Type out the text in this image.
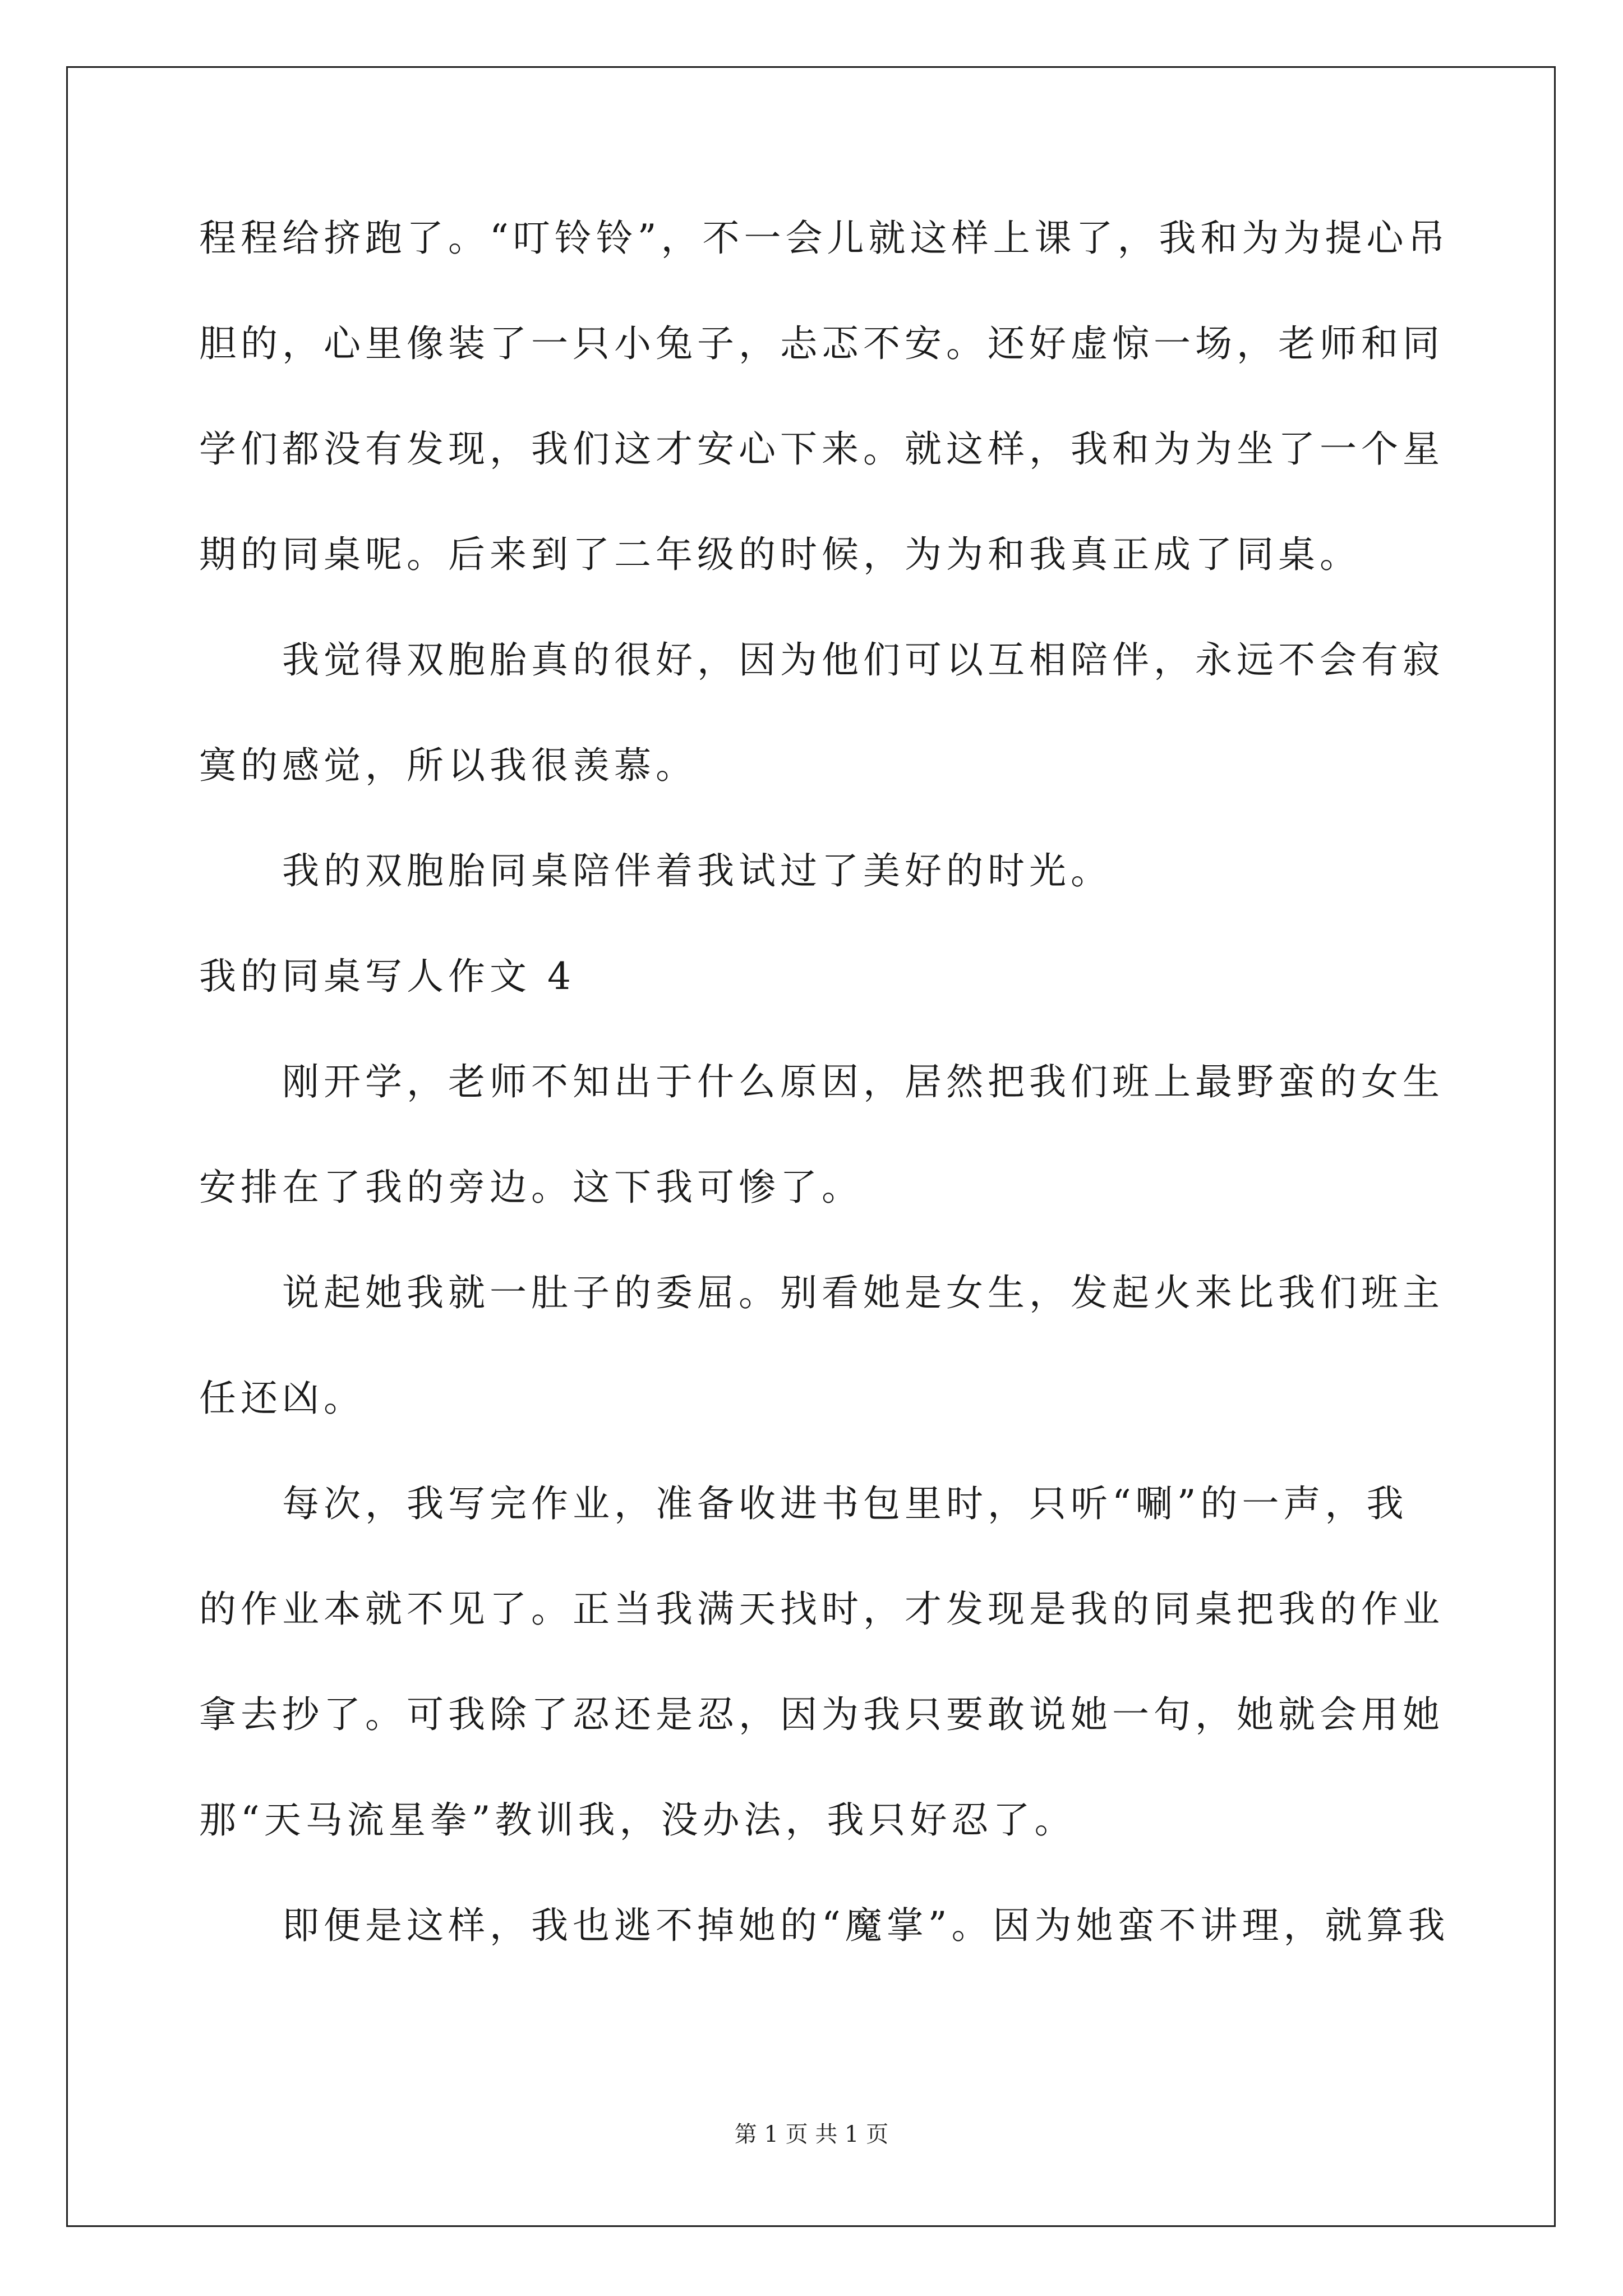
程程给挤跑了。“叮铃铃”，不一会儿就这样上课了，我和为为提心吊
胆的，心里像装了一只小兔子，忐忑不安。还好虚惊一场，老师和同
学们都没有发现，我们这才安心下来。就这样，我和为为坐了一个星
期的同桌呢。后来到了二年级的时候，为为和我真正成了同桌。
我觉得双胞胎真的很好，因为他们可以互相陪伴，永远不会有寂
寞的感觉，所以我很羡慕。
我的双胞胎同桌陪伴着我试过了美好的时光。
我的同桌写人作文 4
刚开学，老师不知出于什么原因，居然把我们班上最野蛮的女生
安排在了我的旁边。这下我可惨了。
说起她我就一肚子的委屈。别看她是女生，发起火来比我们班主
任还凶。
每次，我写完作业，准备收进书包里时，只听“唰”的一声，我
的作业本就不见了。正当我满天找时，才发现是我的同桌把我的作业
拿去抄了。可我除了忍还是忍，因为我只要敢说她一句，她就会用她
那“天马流星拳”教训我，没办法，我只好忍了。
即便是这样，我也逃不掉她的“魔掌”。因为她蛮不讲理，就算我
第 1 页 共 1 页
